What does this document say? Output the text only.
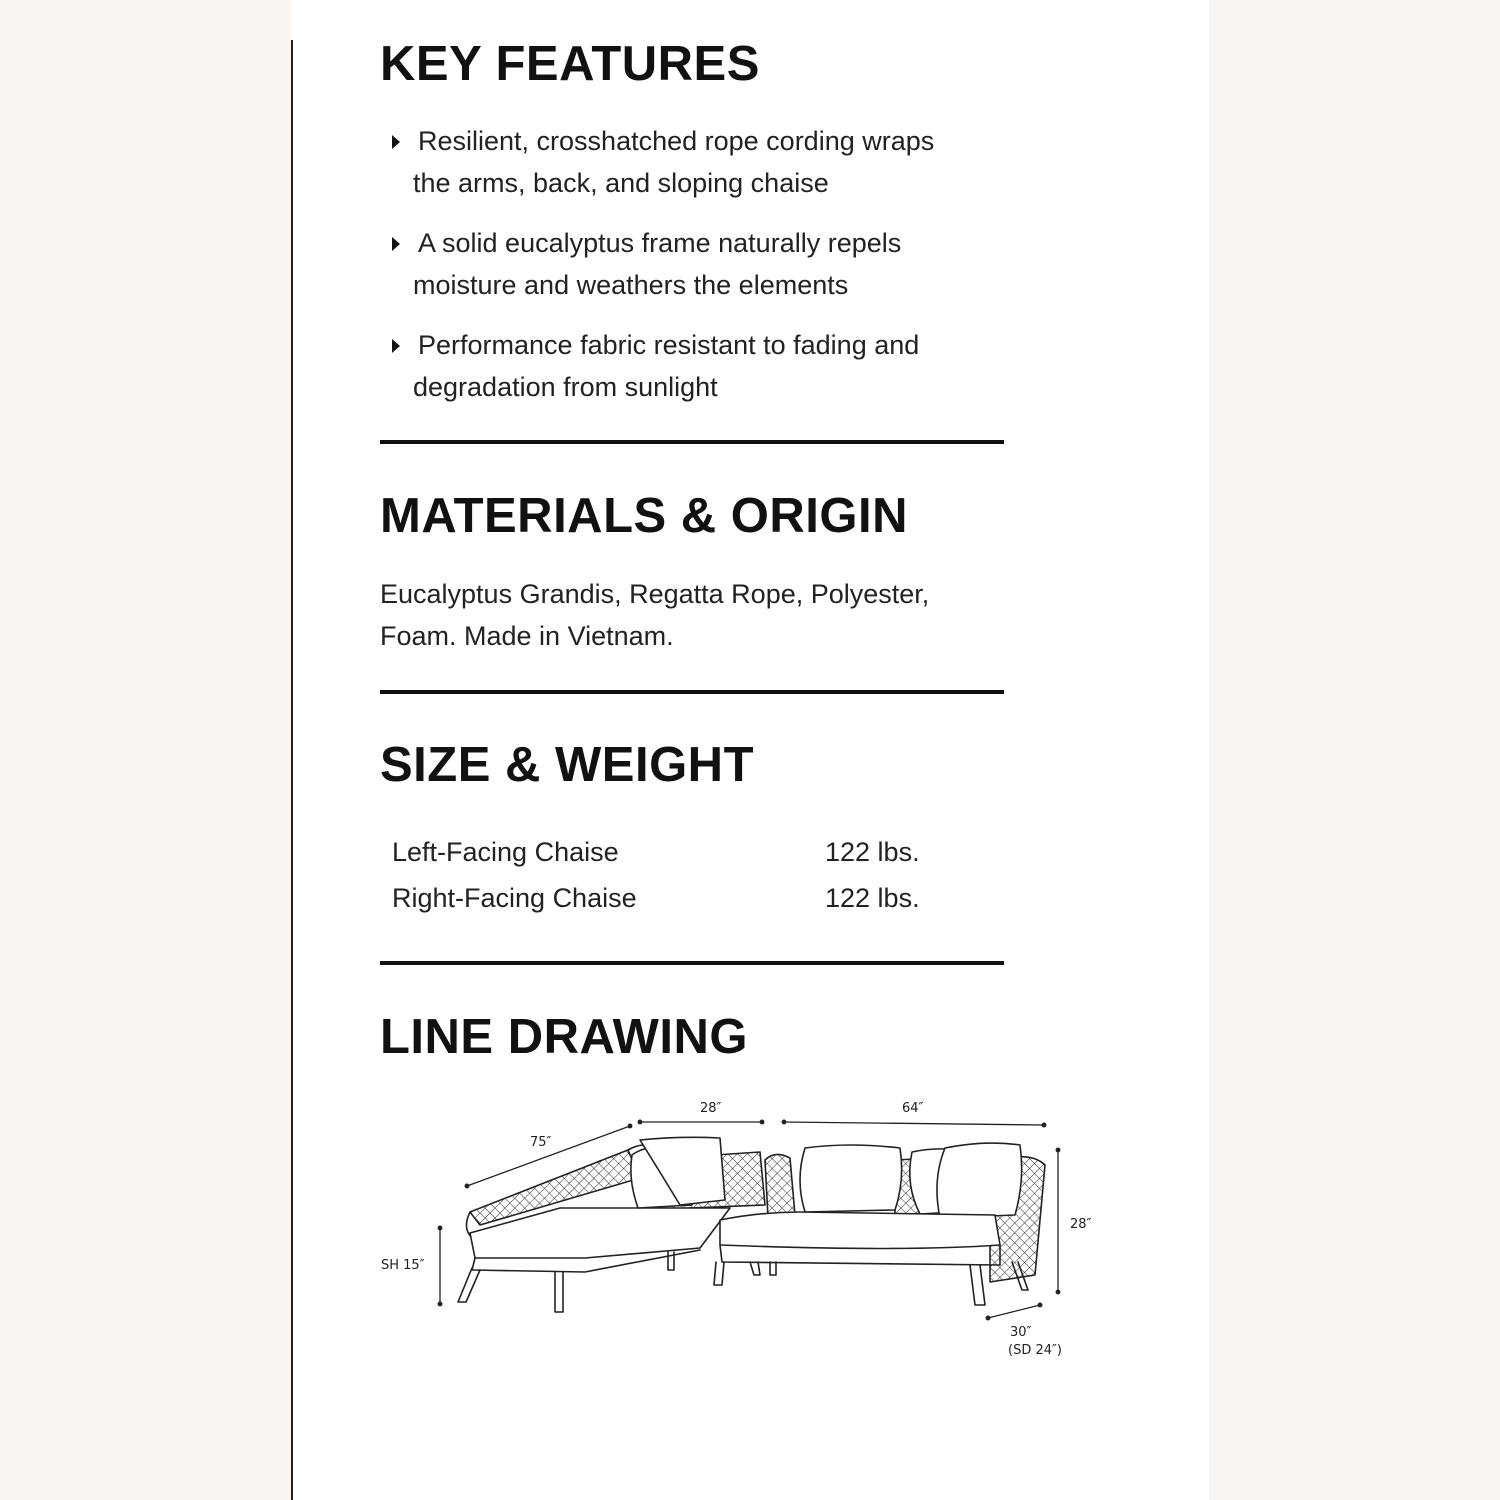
KEY FEATURES
Resilient, crosshatched rope cording wraps
the arms, back, and sloping chaise
A solid eucalyptus frame naturally repels
moisture and weathers the elements
Performance fabric resistant to fading and
degradation from sunlight
MATERIALS & ORIGIN
Eucalyptus Grandis, Regatta Rope, Polyester,
Foam. Made in Vietnam.
SIZE & WEIGHT
Left-Facing Chaise	122 lbs.
Right-Facing Chaise	122 lbs.
LINE DRAWING
75″
28″	64″
28″
SH 15″
30″
(SD 24″)
